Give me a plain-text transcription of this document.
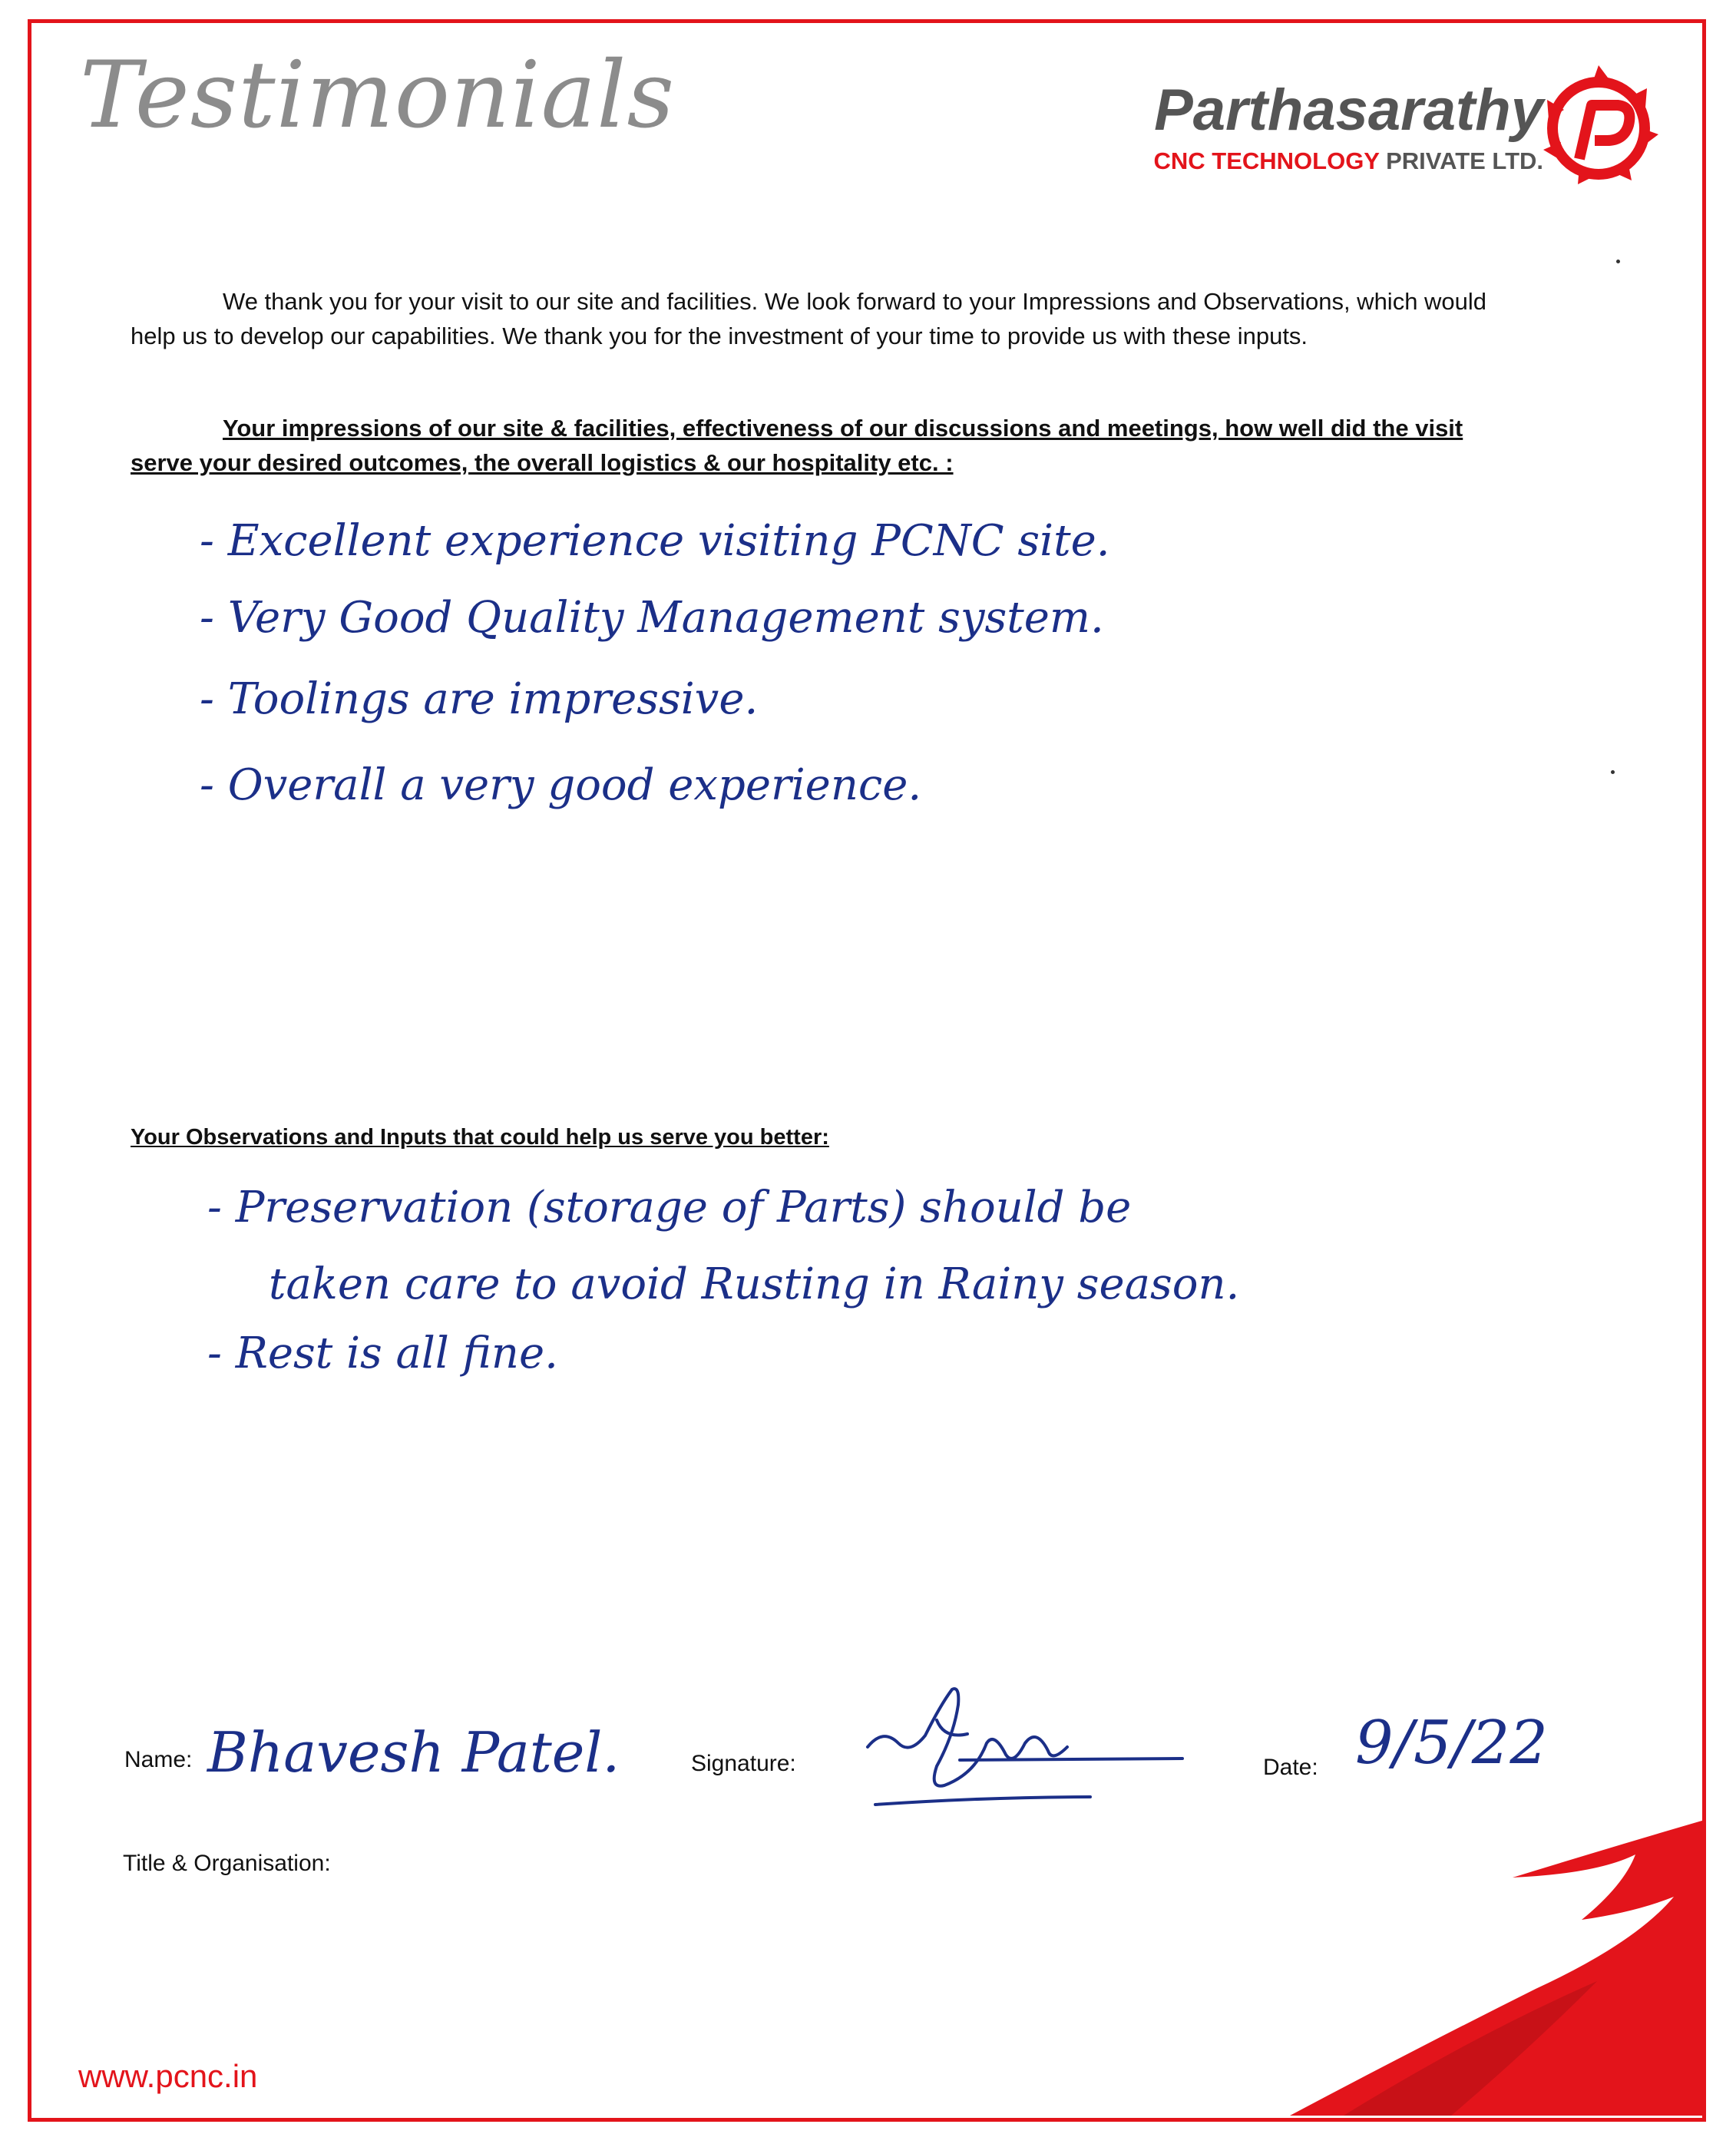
Testimonials	Parthasarathy
CNC TECHNOLOGY PRIVATE LTD.
We thank you for your visit to our site and facilities. We look forward to your Impressions and Observations, which would help us to develop our capabilities. We thank you for the investment of your time to provide us with these inputs.
Your impressions of our site & facilities, effectiveness of our discussions and meetings, how well did the visit serve your desired outcomes, the overall logistics & our hospitality etc. :
- Excellent experience visiting PCNC site.
- Very Good Quality Management system.
- Toolings are impressive.
- Overall a very good experience.
Your Observations and Inputs that could help us serve you better:
- Preservation (storage of Parts) should be
taken care to avoid Rusting in Rainy season.
- Rest is all fine.
Name: Bhavesh Patel.	Signature:	Date: 9/5/22
Title & Organisation:
www.pcnc.in
